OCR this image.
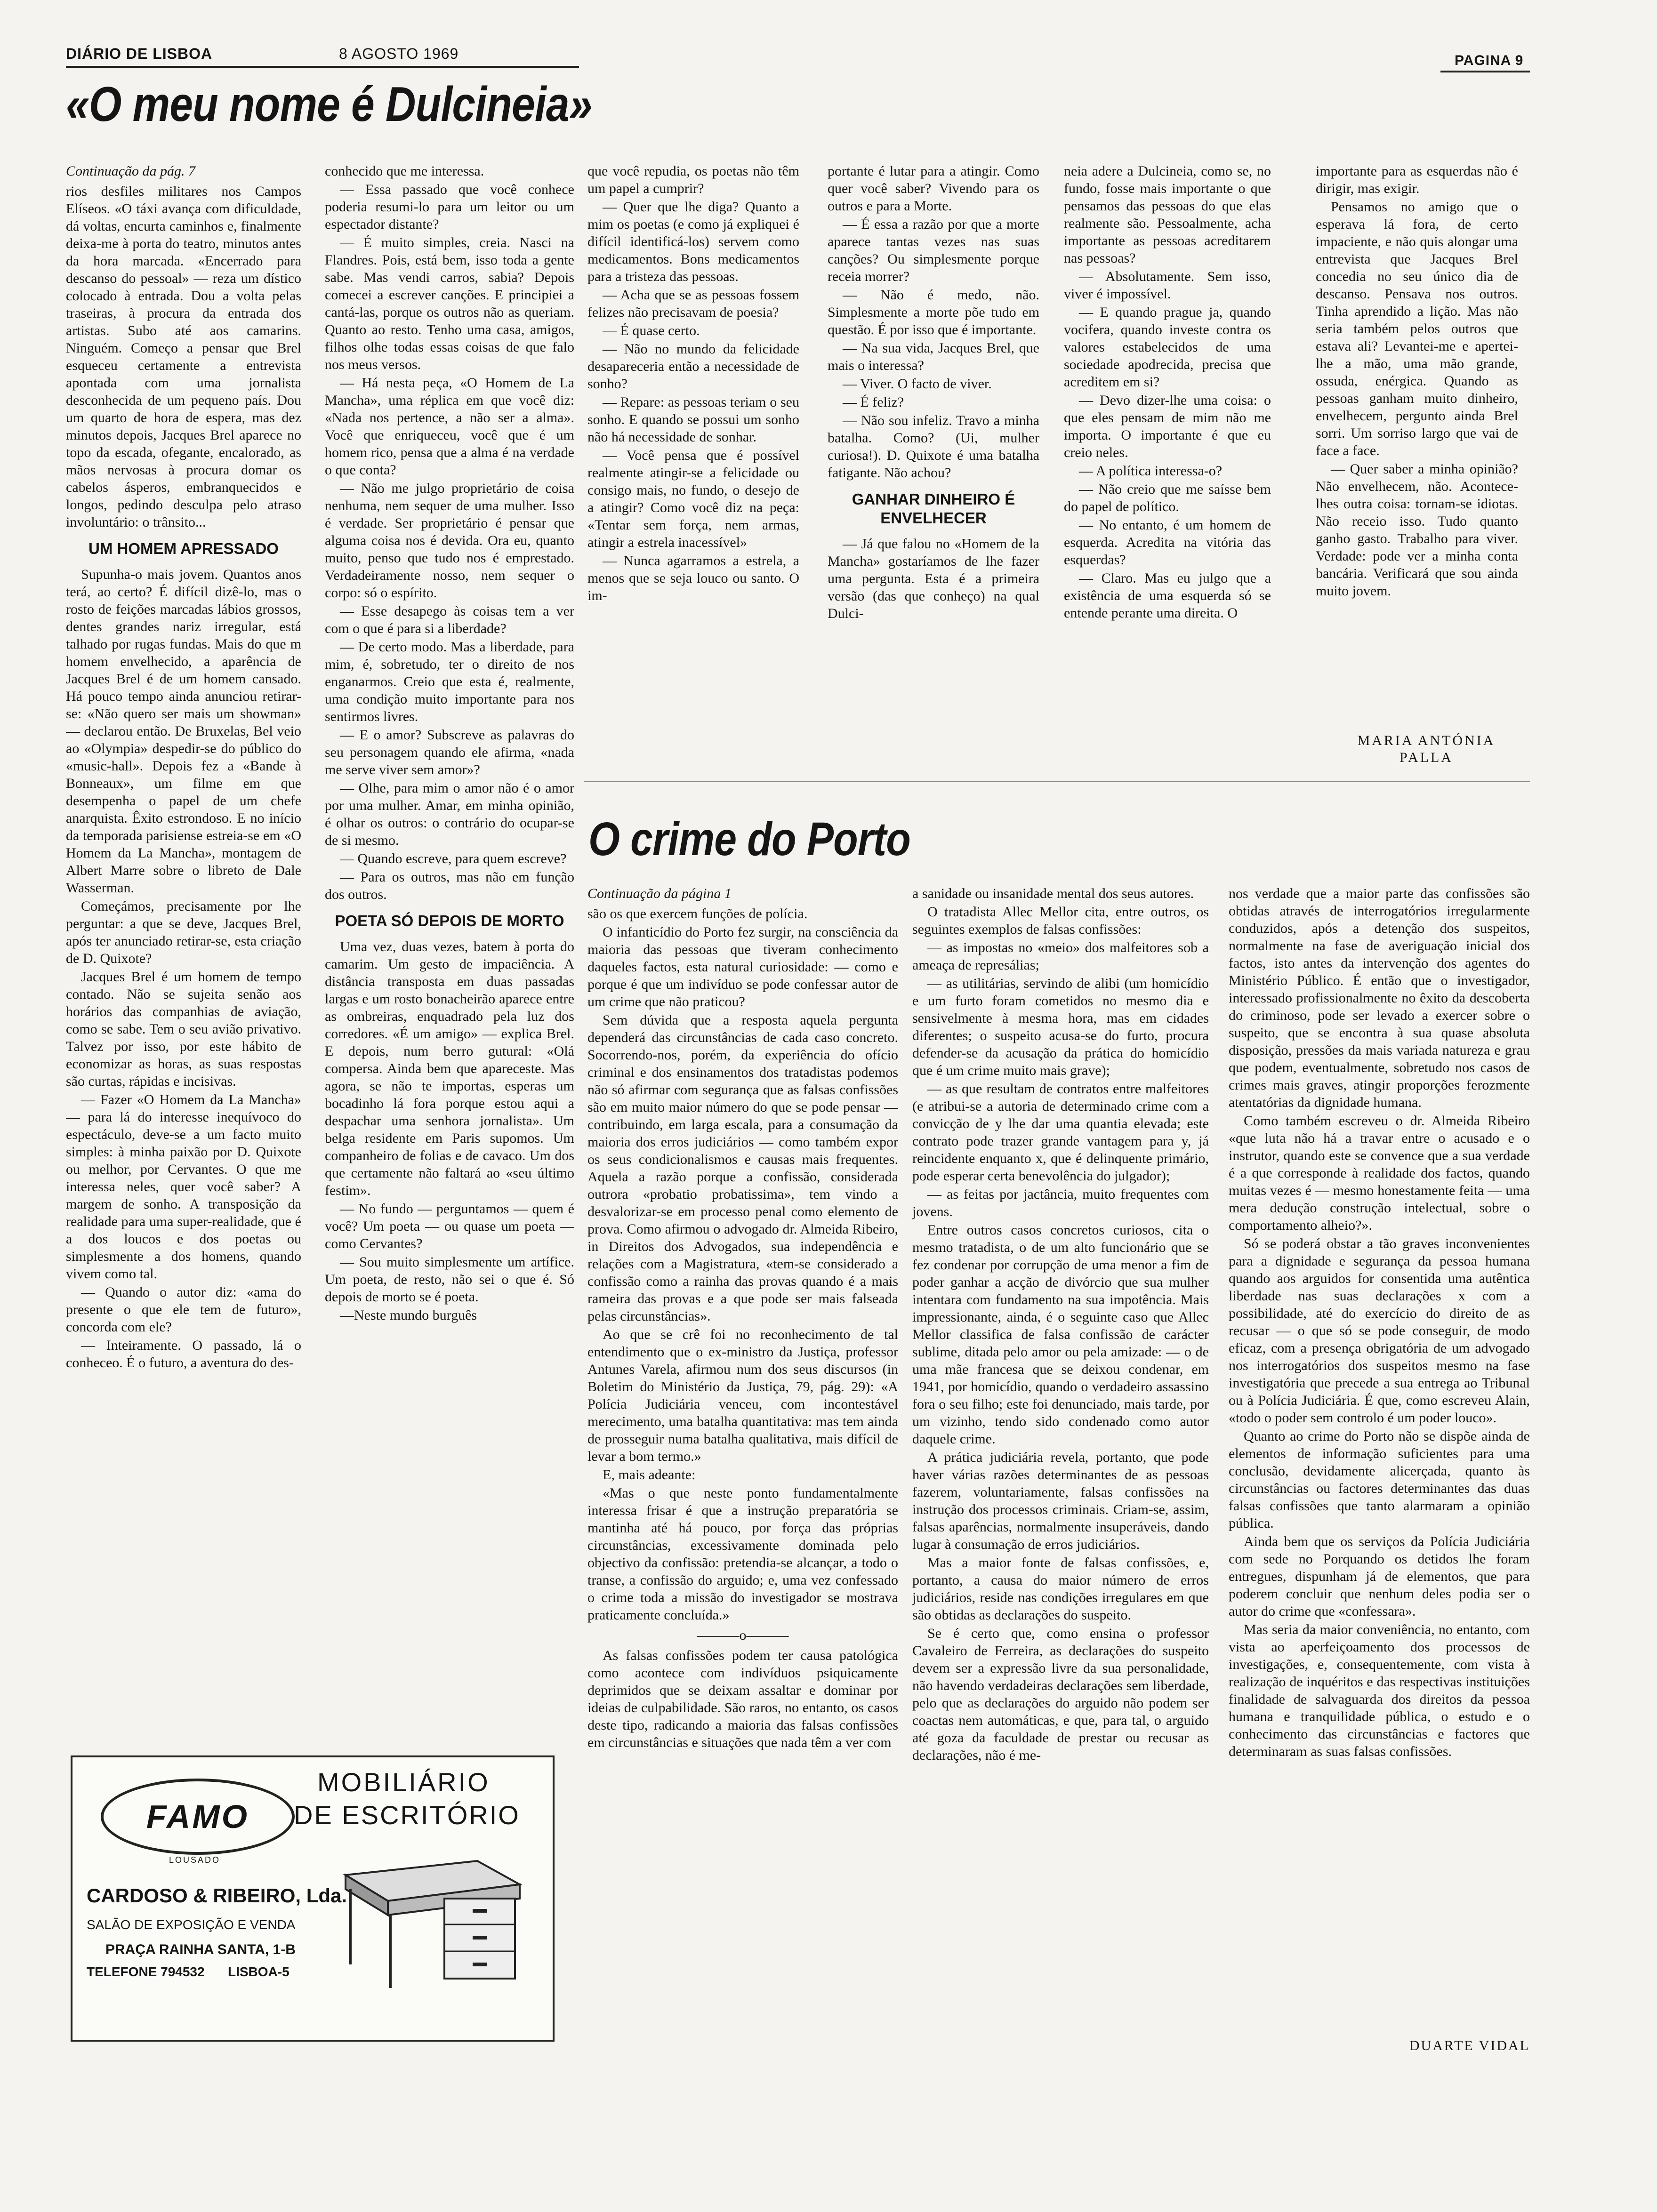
DIÁRIO DE LISBOA	8 AGOSTO 1969	PAGINA 9
«O meu nome é Dulcineia»

Continuação da pág. 7

rios desfiles militares nos Campos Elíseos. «O táxi avança com dificuldade, dá voltas, encurta caminhos e, finalmente deixa-me à porta do teatro, minutos antes da hora marcada. «Encerrado para descanso do pessoal» — reza um dístico colocado à entrada. Dou a volta pelas traseiras, à procura da entrada dos artistas. Subo até aos camarins. Ninguém. Começo a pensar que Brel esqueceu certamente a entrevista apontada com uma jornalista desconhecida de um pequeno país. Dou um quarto de hora de espera, mas dez minutos depois, Jacques Brel aparece no topo da escada, ofegante, encalorado, as mãos nervosas à procura domar os cabelos ásperos, embranquecidos e longos, pedindo desculpa pelo atraso involuntário: o trânsito...

UM HOMEM APRESSADO

Supunha-o mais jovem. Quantos anos terá, ao certo? É difícil dizê-lo, mas o rosto de feições marcadas lábios grossos, dentes grandes nariz irregular, está talhado por rugas fundas. Mais do que m homem envelhecido, a aparência de Jacques Brel é de um homem cansado. Há pouco tempo ainda anunciou retirar-se: «Não quero ser mais um showman» — declarou então. De Bruxelas, Bel veio ao «Olympia» despedir-se do público do «music-hall». Depois fez a «Bande à Bonneaux», um filme em que desempenha o papel de um chefe anarquista. Êxito estrondoso. E no início da temporada parisiense estreia-se em «O Homem da La Mancha», montagem de Albert Marre sobre o libreto de Dale Wasserman.

Começámos, precisamente por lhe perguntar: a que se deve, Jacques Brel, após ter anunciado retirar-se, esta criação de D. Quixote?

Jacques Brel é um homem de tempo contado. Não se sujeita senão aos horários das companhias de aviação, como se sabe. Tem o seu avião privativo. Talvez por isso, por este hábito de economizar as horas, as suas respostas são curtas, rápidas e incisivas.

— Fazer «O Homem da La Mancha» — para lá do interesse inequívoco do espectáculo, deve-se a um facto muito simples: à minha paixão por D. Quixote ou melhor, por Cervantes. O que me interessa neles, quer você saber? A margem de sonho. A transposição da realidade para uma super-realidade, que é a dos loucos e dos poetas ou simplesmente a dos homens, quando vivem como tal.

— Quando o autor diz: «ama do presente o que ele tem de futuro», concorda com ele?

— Inteiramente. O passado, lá o conheceo. É o futuro, a aventura do des-

conhecido que me interessa.

— Essa passado que você conhece poderia resumi-lo para um leitor ou um espectador distante?

— É muito simples, creia. Nasci na Flandres. Pois, está bem, isso toda a gente sabe. Mas vendi carros, sabia? Depois comecei a escrever canções. E principiei a cantá-las, porque os outros não as queriam. Quanto ao resto. Tenho uma casa, amigos, filhos olhe todas essas coisas de que falo nos meus versos.

— Há nesta peça, «O Homem de La Mancha», uma réplica em que você diz: «Nada nos pertence, a não ser a alma». Você que enriqueceu, você que é um homem rico, pensa que a alma é na verdade o que conta?

— Não me julgo proprietário de coisa nenhuma, nem sequer de uma mulher. Isso é verdade. Ser proprietário é pensar que alguma coisa nos é devida. Ora eu, quanto muito, penso que tudo nos é emprestado. Verdadeiramente nosso, nem sequer o corpo: só o espírito.

— Esse desapego às coisas tem a ver com o que é para si a liberdade?

— De certo modo. Mas a liberdade, para mim, é, sobretudo, ter o direito de nos enganarmos. Creio que esta é, realmente, uma condição muito importante para nos sentirmos livres.

— E o amor? Subscreve as palavras do seu personagem quando ele afirma, «nada me serve viver sem amor»?

— Olhe, para mim o amor não é o amor por uma mulher. Amar, em minha opinião, é olhar os outros: o contrário do ocupar-se de si mesmo.

— Quando escreve, para quem escreve?

— Para os outros, mas não em função dos outros.

POETA SÓ DEPOIS DE MORTO

Uma vez, duas vezes, batem à porta do camarim. Um gesto de impaciência. A distância transposta em duas passadas largas e um rosto bonacheirão aparece entre as ombreiras, enquadrado pela luz dos corredores. «É um amigo» — explica Brel. E depois, num berro gutural: «Olá compersa. Ainda bem que apareceste. Mas agora, se não te importas, esperas um bocadinho lá fora porque estou aqui a despachar uma senhora jornalista». Um belga residente em Paris supomos. Um companheiro de folias e de cavaco. Um dos que certamente não faltará ao «seu último festim».

— No fundo — perguntamos — quem é você? Um poeta — ou quase um poeta — como Cervantes?

— Sou muito simplesmente um artífice. Um poeta, de resto, não sei o que é. Só depois de morto se é poeta.

—Neste mundo burguês

que você repudia, os poetas não têm um papel a cumprir?

— Quer que lhe diga? Quanto a mim os poetas (e como já expliquei é difícil identificá-los) servem como medicamentos. Bons medicamentos para a tristeza das pessoas.

— Acha que se as pessoas fossem felizes não precisavam de poesia?

— É quase certo.

— Não no mundo da felicidade desapareceria então a necessidade de sonho?

— Repare: as pessoas teriam o seu sonho. E quando se possui um sonho não há necessidade de sonhar.

— Você pensa que é possível realmente atingir-se a felicidade ou consigo mais, no fundo, o desejo de a atingir? Como você diz na peça: «Tentar sem força, nem armas, atingir a estrela inacessível»

— Nunca agarramos a estrela, a menos que se seja louco ou santo. O im-

portante é lutar para a atingir. Como quer você saber? Vivendo para os outros e para a Morte.

— É essa a razão por que a morte aparece tantas vezes nas suas canções? Ou simplesmente porque receia morrer?

— Não é medo, não. Simplesmente a morte põe tudo em questão. É por isso que é importante.

— Na sua vida, Jacques Brel, que mais o interessa?

— Viver. O facto de viver.

— É feliz?

— Não sou infeliz. Travo a minha batalha. Como? (Ui, mulher curiosa!). D. Quixote é uma batalha fatigante. Não achou?

GANHAR DINHEIRO É ENVELHECER

— Já que falou no «Homem de la Mancha» gostaríamos de lhe fazer uma pergunta. Esta é a primeira versão (das que conheço) na qual Dulci-

neia adere a Dulcineia, como se, no fundo, fosse mais importante o que pensamos das pessoas do que elas realmente são. Pessoalmente, acha importante as pessoas acreditarem nas pessoas?

— Absolutamente. Sem isso, viver é impossível.

— E quando prague ja, quando vocifera, quando investe contra os valores estabelecidos de uma sociedade apodrecida, precisa que acreditem em si?

— Devo dizer-lhe uma coisa: o que eles pensam de mim não me importa. O importante é que eu creio neles.

— A política interessa-o?

— Não creio que me saísse bem do papel de político.

— No entanto, é um homem de esquerda. Acredita na vitória das esquerdas?

— Claro. Mas eu julgo que a existência de uma esquerda só se entende perante uma direita. O

importante para as esquerdas não é dirigir, mas exigir.

Pensamos no amigo que o esperava lá fora, de certo impaciente, e não quis alongar uma entrevista que Jacques Brel concedia no seu único dia de descanso. Pensava nos outros. Tinha aprendido a lição. Mas não seria também pelos outros que estava ali? Levantei-me e apertei-lhe a mão, uma mão grande, ossuda, enérgica. Quando as pessoas ganham muito dinheiro, envelhecem, pergunto ainda Brel sorri. Um sorriso largo que vai de face a face.

— Quer saber a minha opinião? Não envelhecem, não. Acontece-lhes outra coisa: tornam-se idiotas. Não receio isso. Tudo quanto ganho gasto. Trabalho para viver. Verdade: pode ver a minha conta bancária. Verificará que sou ainda muito jovem.

MARIA ANTÓNIA PALLA
O crime do Porto

Continuação da página 1

são os que exercem funções de polícia.

O infanticídio do Porto fez surgir, na consciência da maioria das pessoas que tiveram conhecimento daqueles factos, esta natural curiosidade: — como e porque é que um indivíduo se pode confessar autor de um crime que não praticou?

Sem dúvida que a resposta aquela pergunta dependerá das circunstâncias de cada caso concreto. Socorrendo-nos, porém, da experiência do ofício criminal e dos ensinamentos dos tratadistas podemos não só afirmar com segurança que as falsas confissões são em muito maior número do que se pode pensar — contribuindo, em larga escala, para a consumação da maioria dos erros judiciários — como também expor os seus condicionalismos e causas mais frequentes. Aquela a razão porque a confissão, considerada outrora «probatio probatissima», tem vindo a desvalorizar-se em processo penal como elemento de prova. Como afirmou o advogado dr. Almeida Ribeiro, in Direitos dos Advogados, sua independência e relações com a Magistratura, «tem-se considerado a confissão como a rainha das provas quando é a mais rameira das provas e a que pode ser mais falseada pelas circunstâncias».

Ao que se crê foi no reconhecimento de tal entendimento que o ex-ministro da Justiça, professor Antunes Varela, afirmou num dos seus discursos (in Boletim do Ministério da Justiça, 79, pág. 29): «A Polícia Judiciária venceu, com incontestável merecimento, uma batalha quantitativa: mas tem ainda de prosseguir numa batalha qualitativa, mais difícil de levar a bom termo.»

E, mais adeante:

«Mas o que neste ponto fundamentalmente interessa frisar é que a instrução preparatória se mantinha até há pouco, por força das próprias circunstâncias, excessivamente dominada pelo objectivo da confissão: pretendia-se alcançar, a todo o transe, a confissão do arguido; e, uma vez confessado o crime toda a missão do investigador se mostrava praticamente concluída.»

———o———

As falsas confissões podem ter causa patológica como acontece com indivíduos psiquicamente deprimidos que se deixam assaltar e dominar por ideias de culpabilidade. São raros, no entanto, os casos deste tipo, radicando a maioria das falsas confissões em circunstâncias e situações que nada têm a ver com

a sanidade ou insanidade mental dos seus autores.

O tratadista Allec Mellor cita, entre outros, os seguintes exemplos de falsas confissões:

— as impostas no «meio» dos malfeitores sob a ameaça de represálias;

— as utilitárias, servindo de alibi (um homicídio e um furto foram cometidos no mesmo dia e sensivelmente à mesma hora, mas em cidades diferentes; o suspeito acusa-se do furto, procura defender-se da acusação da prática do homicídio que é um crime muito mais grave);

— as que resultam de contratos entre malfeitores (e atribui-se a autoria de determinado crime com a convicção de y lhe dar uma quantia elevada; este contrato pode trazer grande vantagem para y, já reincidente enquanto x, que é delinquente primário, pode esperar certa benevolência do julgador);

— as feitas por jactância, muito frequentes com jovens.

Entre outros casos concretos curiosos, cita o mesmo tratadista, o de um alto funcionário que se fez condenar por corrupção de uma menor a fim de poder ganhar a acção de divórcio que sua mulher intentara com fundamento na sua impotência. Mais impressionante, ainda, é o seguinte caso que Allec Mellor classifica de falsa confissão de carácter sublime, ditada pelo amor ou pela amizade: — o de uma mãe francesa que se deixou condenar, em 1941, por homicídio, quando o verdadeiro assassino fora o seu filho; este foi denunciado, mais tarde, por um vizinho, tendo sido condenado como autor daquele crime.

A prática judiciária revela, portanto, que pode haver várias razões determinantes de as pessoas fazerem, voluntariamente, falsas confissões na instrução dos processos criminais. Criam-se, assim, falsas aparências, normalmente insuperáveis, dando lugar à consumação de erros judiciários.

Mas a maior fonte de falsas confissões, e, portanto, a causa do maior número de erros judiciários, reside nas condições irregulares em que são obtidas as declarações do suspeito.

Se é certo que, como ensina o professor Cavaleiro de Ferreira, as declarações do suspeito devem ser a expressão livre da sua personalidade, não havendo verdadeiras declarações sem liberdade, pelo que as declarações do arguido não podem ser coactas nem automáticas, e que, para tal, o arguido até goza da faculdade de prestar ou recusar as declarações, não é me-

nos verdade que a maior parte das confissões são obtidas através de interrogatórios irregularmente conduzidos, após a detenção dos suspeitos, normalmente na fase de averiguação inicial dos factos, isto antes da intervenção dos agentes do Ministério Público. É então que o investigador, interessado profissionalmente no êxito da descoberta do criminoso, pode ser levado a exercer sobre o suspeito, que se encontra à sua quase absoluta disposição, pressões da mais variada natureza e grau que podem, eventualmente, sobretudo nos casos de crimes mais graves, atingir proporções ferozmente atentatórias da dignidade humana.

Como também escreveu o dr. Almeida Ribeiro «que luta não há a travar entre o acusado e o instrutor, quando este se convence que a sua verdade é a que corresponde à realidade dos factos, quando muitas vezes é — mesmo honestamente feita — uma mera dedução construção intelectual, sobre o comportamento alheio?».

Só se poderá obstar a tão graves inconvenientes para a dignidade e segurança da pessoa humana quando aos arguidos for consentida uma autêntica liberdade nas suas declarações x com a possibilidade, até do exercício do direito de as recusar — o que só se pode conseguir, de modo eficaz, com a presença obrigatória de um advogado nos interrogatórios dos suspeitos mesmo na fase investigatória que precede a sua entrega ao Tribunal ou à Polícia Judiciária. É que, como escreveu Alain, «todo o poder sem controlo é um poder louco».

Quanto ao crime do Porto não se dispõe ainda de elementos de informação suficientes para uma conclusão, devidamente alicerçada, quanto às circunstâncias ou factores determinantes das duas falsas confissões que tanto alarmaram a opinião pública.

Ainda bem que os serviços da Polícia Judiciária com sede no Porquando os detidos lhe foram entregues, dispunham já de elementos, que para poderem concluir que nenhum deles podia ser o autor do crime que «confessara».

Mas seria da maior conveniência, no entanto, com vista ao aperfeiçoamento dos processos de investigações, e, consequentemente, com vista à realização de inquéritos e das respectivas instituições finalidade de salvaguarda dos direitos da pessoa humana e tranquilidade pública, o estudo e o conhecimento das circunstâncias e factores que determinaram as suas falsas confissões.

DUARTE VIDAL
FAMO
LOUSADO
MOBILIÁRIO
DE ESCRITÓRIO
CARDOSO & RIBEIRO, Lda.
SALÃO DE EXPOSIÇÃO E VENDA
PRAÇA RAINHA SANTA, 1-B
TELEFONE 794532 LISBOA-5
